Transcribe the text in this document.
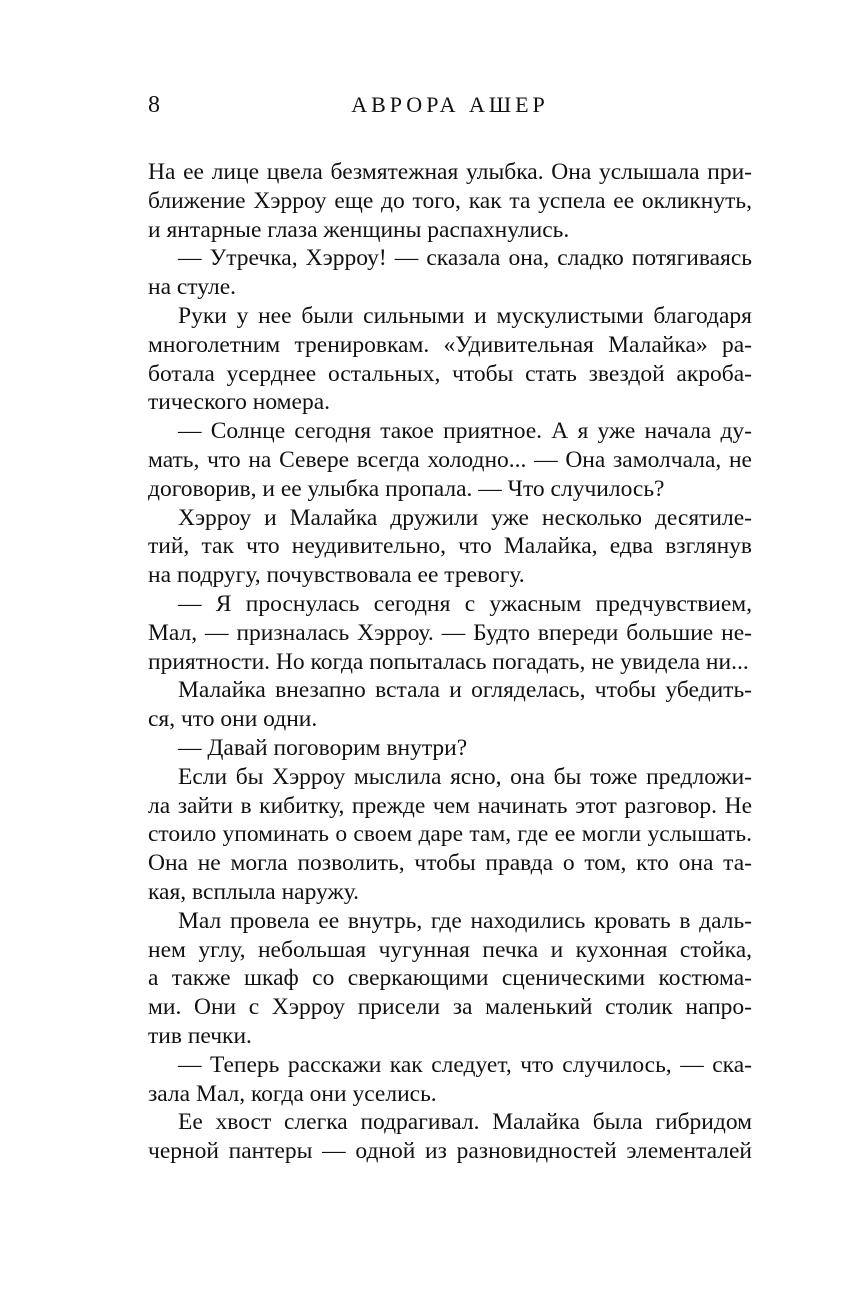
8	АВРОРА АШЕР
На ее лице цвела безмятежная улыбка. Она услышала при-
ближение Хэрроу еще до того, как та успела ее окликнуть,
и янтарные глаза женщины распахнулись.
— Утречка, Хэрроу! — сказала она, сладко потягиваясь
на стуле.
Руки у нее были сильными и мускулистыми благодаря
многолетним тренировкам. «Удивительная Малайка» ра-
ботала усерднее остальных, чтобы стать звездой акроба-
тического номера.
— Солнце сегодня такое приятное. А я уже начала ду-
мать, что на Севере всегда холодно... — Она замолчала, не
договорив, и ее улыбка пропала. — Что случилось?
Хэрроу и Малайка дружили уже несколько десятиле-
тий, так что неудивительно, что Малайка, едва взглянув
на подругу, почувствовала ее тревогу.
— Я проснулась сегодня с ужасным предчувствием,
Мал, — призналась Хэрроу. — Будто впереди большие не-
приятности. Но когда попыталась погадать, не увидела ни...
Малайка внезапно встала и огляделась, чтобы убедить-
ся, что они одни.
— Давай поговорим внутри?
Если бы Хэрроу мыслила ясно, она бы тоже предложи-
ла зайти в кибитку, прежде чем начинать этот разговор. Не
стоило упоминать о своем даре там, где ее могли услышать.
Она не могла позволить, чтобы правда о том, кто она та-
кая, всплыла наружу.
Мал провела ее внутрь, где находились кровать в даль-
нем углу, небольшая чугунная печка и кухонная стойка,
а также шкаф со сверкающими сценическими костюма-
ми. Они с Хэрроу присели за маленький столик напро-
тив печки.
— Теперь расскажи как следует, что случилось, — ска-
зала Мал, когда они уселись.
Ее хвост слегка подрагивал. Малайка была гибридом
черной пантеры — одной из разновидностей элементалей
